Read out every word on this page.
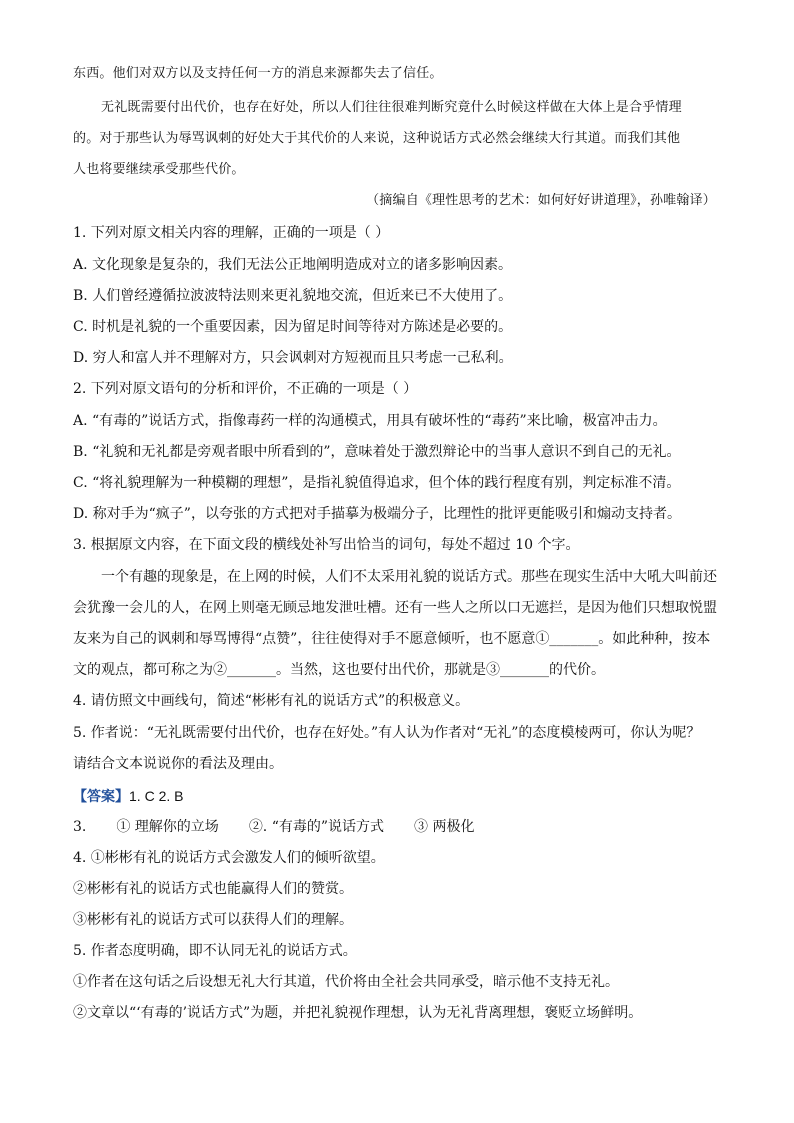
东西。他们对双方以及支持任何一方的消息来源都失去了信任。
无礼既需要付出代价，也存在好处，所以人们往往很难判断究竟什么时候这样做在大体上是合乎情理
的。对于那些认为辱骂讽刺的好处大于其代价的人来说，这种说话方式必然会继续大行其道。而我们其他
人也将要继续承受那些代价。
（摘编自《理性思考的艺术：如何好好讲道理》，孙唯翰译）
1. 下列对原文相关内容的理解，正确的一项是（ ）
A. 文化现象是复杂的，我们无法公正地阐明造成对立的诸多影响因素。
B. 人们曾经遵循拉波波特法则来更礼貌地交流，但近来已不大使用了。
C. 时机是礼貌的一个重要因素，因为留足时间等待对方陈述是必要的。
D. 穷人和富人并不理解对方，只会讽刺对方短视而且只考虑一己私利。
2. 下列对原文语句的分析和评价，不正确的一项是（ ）
A. “有毒的”说话方式，指像毒药一样的沟通模式，用具有破坏性的“毒药”来比喻，极富冲击力。
B. “礼貌和无礼都是旁观者眼中所看到的”，意味着处于激烈辩论中的当事人意识不到自己的无礼。
C. “将礼貌理解为一种模糊的理想”，是指礼貌值得追求，但个体的践行程度有别，判定标准不清。
D. 称对手为“疯子”，以夸张的方式把对手描摹为极端分子，比理性的批评更能吸引和煽动支持者。
3. 根据原文内容，在下面文段的横线处补写出恰当的词句，每处不超过 10 个字。
一个有趣的现象是，在上网的时候，人们不太采用礼貌的说话方式。那些在现实生活中大吼大叫前还
会犹豫一会儿的人，在网上则毫无顾忌地发泄吐槽。还有一些人之所以口无遮拦，是因为他们只想取悦盟
友来为自己的讽刺和辱骂博得“点赞”，往往使得对手不愿意倾听，也不愿意①_______。如此种种，按本
文的观点，都可称之为②_______。当然，这也要付出代价，那就是③_______的代价。
4. 请仿照文中画线句，简述“彬彬有礼的说话方式”的积极意义。
5. 作者说：“无礼既需要付出代价，也存在好处。”有人认为作者对“无礼”的态度模棱两可，你认为呢？
请结合文本说说你的看法及理由。
【答案】1. C 2. B
3. ① 理解你的立场 ②. “有毒的”说话方式 ③ 两极化
4. ①彬彬有礼的说话方式会激发人们的倾听欲望。
②彬彬有礼的说话方式也能赢得人们的赞赏。
③彬彬有礼的说话方式可以获得人们的理解。
5. 作者态度明确，即不认同无礼的说话方式。
①作者在这句话之后设想无礼大行其道，代价将由全社会共同承受，暗示他不支持无礼。
②文章以“‘有毒的’说话方式”为题，并把礼貌视作理想，认为无礼背离理想，褒贬立场鲜明。
